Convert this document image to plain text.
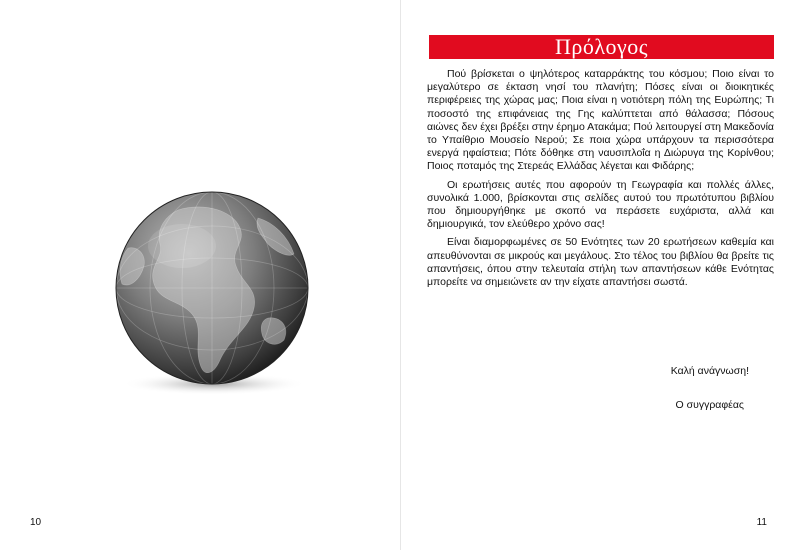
10
Πρόλογος

Πού βρίσκεται ο ψηλότερος καταρράκτης του κόσμου; Ποιο είναι το μεγαλύτερο σε έκταση νησί του πλανήτη; Πόσες είναι οι διοικητικές περιφέρειες της χώρας μας; Ποια είναι η νοτιότερη πόλη της Ευρώπης; Τι ποσοστό της επιφάνειας της Γης καλύπτεται από θάλασσα; Πόσους αιώνες δεν έχει βρέξει στην έρημο Ατακάμα; Πού λειτουργεί στη Μακεδονία το Υπαίθριο Μουσείο Νερού; Σε ποια χώρα υπάρχουν τα περισσότερα ενεργά ηφαίστεια; Πότε δόθηκε στη ναυσιπλοΐα η Διώρυγα της Κορίνθου; Ποιος ποταμός της Στερεάς Ελλάδας λέγεται και Φιδάρης;

Οι ερωτήσεις αυτές που αφορούν τη Γεωγραφία και πολλές άλλες, συνολικά 1.000, βρίσκονται στις σελίδες αυτού του πρωτότυπου βιβλίου που δημιουργήθηκε με σκοπό να περάσετε ευχάριστα, αλλά και δημιουργικά, τον ελεύθερο χρόνο σας!

Είναι διαμορφωμένες σε 50 Ενότητες των 20 ερωτήσεων καθεμία και απευθύνονται σε μικρούς και μεγάλους. Στο τέλος του βιβλίου θα βρείτε τις απαντήσεις, όπου στην τελευταία στήλη των απαντήσεων κάθε Ενότητας μπορείτε να σημειώνετε αν την είχατε απαντήσει σωστά.

Καλή ανάγνωση!
Ο συγγραφέας
11
